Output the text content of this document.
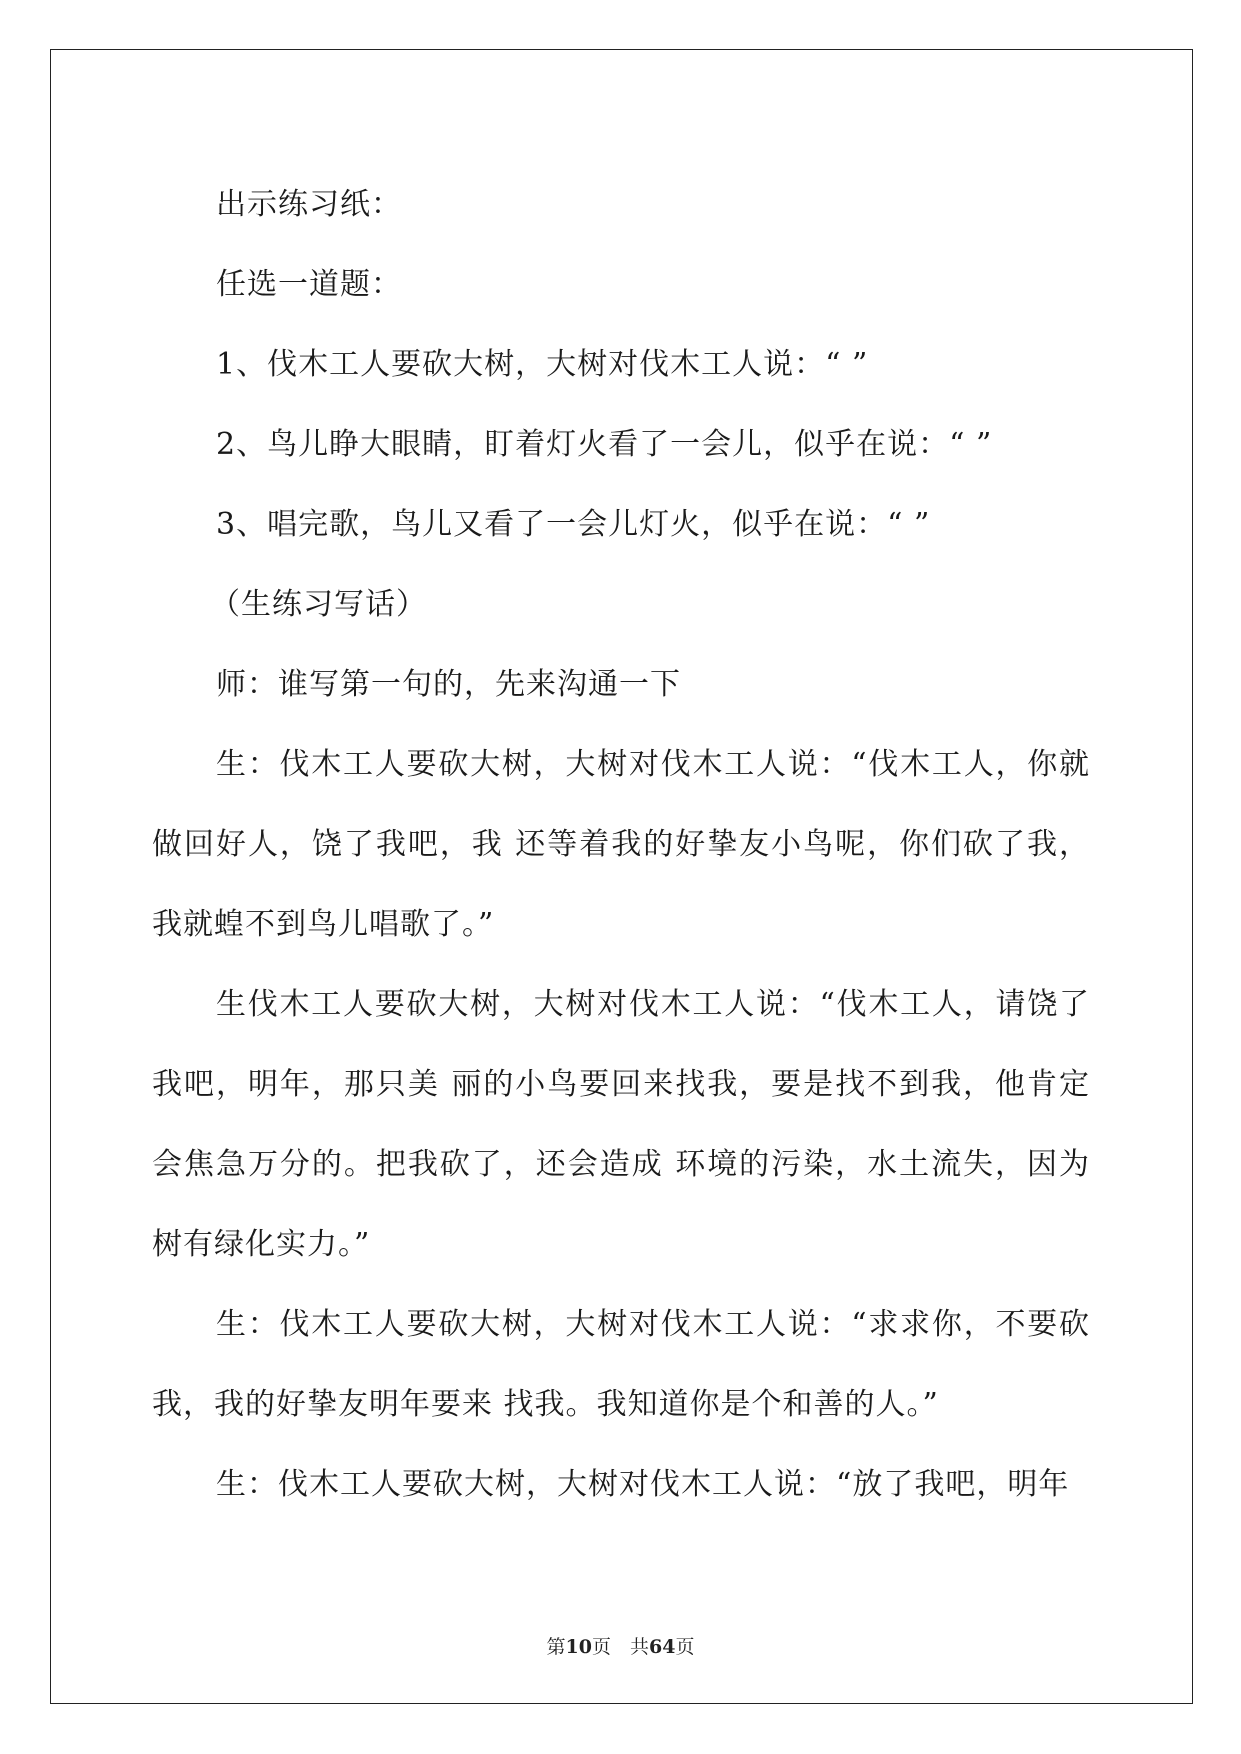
出示练习纸：

任选一道题：

1、伐木工人要砍大树，大树对伐木工人说：“ ”

2、鸟儿睁大眼睛，盯着灯火看了一会儿，似乎在说：“ ”

3、唱完歌，鸟儿又看了一会儿灯火，似乎在说：“ ”

（生练习写话）

师：谁写第一句的，先来沟通一下

生：伐木工人要砍大树，大树对伐木工人说：“伐木工人，你就做回好人，饶了我吧，我 还等着我的好挚友小鸟呢，你们砍了我，我就蝗不到鸟儿唱歌了。”

生伐木工人要砍大树，大树对伐木工人说：“伐木工人，请饶了我吧，明年，那只美 丽的小鸟要回来找我，要是找不到我，他肯定会焦急万分的。把我砍了，还会造成 环境的污染，水土流失，因为树有绿化实力。”

生：伐木工人要砍大树，大树对伐木工人说：“求求你，不要砍我，我的好挚友明年要来 找我。我知道你是个和善的人。”

生：伐木工人要砍大树，大树对伐木工人说：“放了我吧，明年

第10页　共64页
